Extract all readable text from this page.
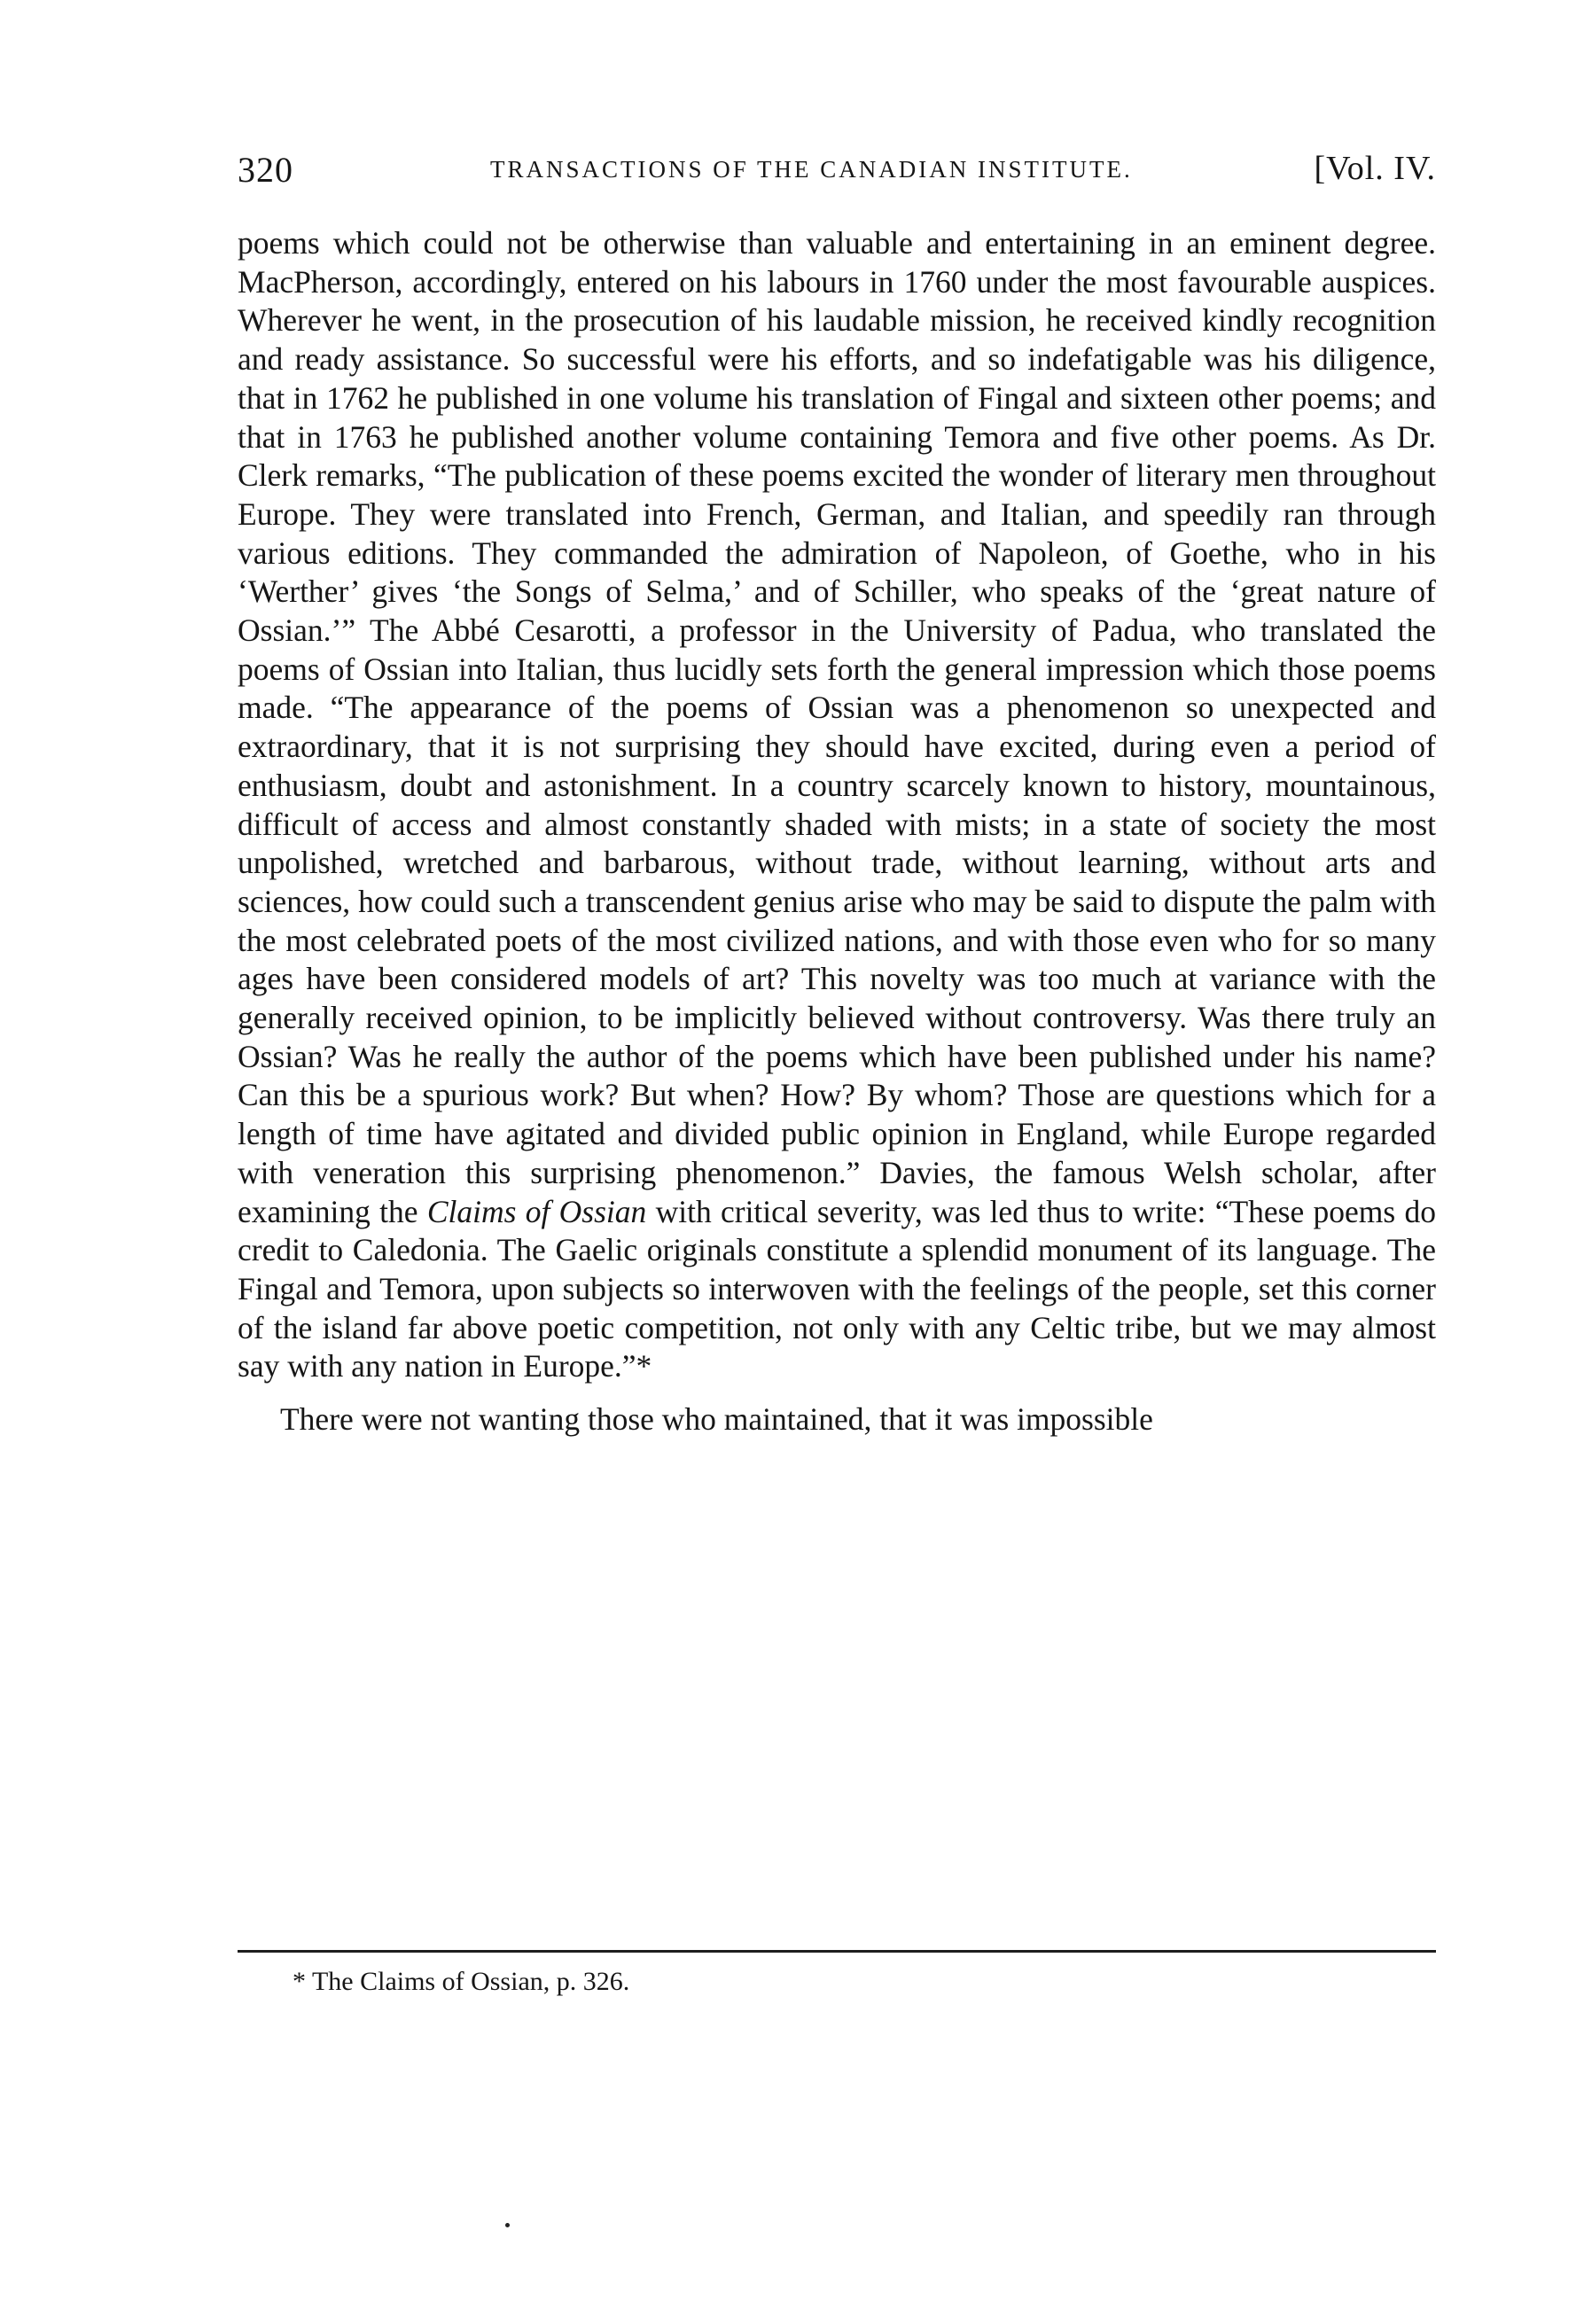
320	TRANSACTIONS OF THE CANADIAN INSTITUTE.	[Vol. IV.

poems which could not be otherwise than valuable and entertaining in an eminent degree. MacPherson, accordingly, entered on his labours in 1760 under the most favourable auspices. Wherever he went, in the prosecution of his laudable mission, he received kindly recognition and ready assistance. So successful were his efforts, and so indefatigable was his diligence, that in 1762 he published in one volume his translation of Fingal and sixteen other poems; and that in 1763 he published another volume containing Temora and five other poems. As Dr. Clerk remarks, “The publication of these poems excited the wonder of literary men throughout Europe. They were translated into French, German, and Italian, and speedily ran through various editions. They commanded the admiration of Napoleon, of Goethe, who in his ‘Werther’ gives ‘the Songs of Selma,’ and of Schiller, who speaks of the ‘great nature of Ossian.’” The Abbé Cesarotti, a professor in the University of Padua, who translated the poems of Ossian into Italian, thus lucidly sets forth the general impression which those poems made. “The appearance of the poems of Ossian was a phenomenon so unexpected and extraordinary, that it is not surprising they should have excited, during even a period of enthusiasm, doubt and astonishment. In a country scarcely known to history, mountainous, difficult of access and almost constantly shaded with mists; in a state of society the most unpolished, wretched and barbarous, without trade, without learning, without arts and sciences, how could such a transcendent genius arise who may be said to dispute the palm with the most celebrated poets of the most civilized nations, and with those even who for so many ages have been considered models of art? This novelty was too much at variance with the generally received opinion, to be implicitly believed without controversy. Was there truly an Ossian? Was he really the author of the poems which have been published under his name? Can this be a spurious work? But when? How? By whom? Those are questions which for a length of time have agitated and divided public opinion in England, while Europe regarded with veneration this surprising phenomenon.” Davies, the famous Welsh scholar, after examining the Claims of Ossian with critical severity, was led thus to write: “These poems do credit to Caledonia. The Gaelic originals constitute a splendid monument of its language. The Fingal and Temora, upon subjects so interwoven with the feelings of the people, set this corner of the island far above poetic competition, not only with any Celtic tribe, but we may almost say with any nation in Europe.”*

There were not wanting those who maintained, that it was impossible

* The Claims of Ossian, p. 326.
